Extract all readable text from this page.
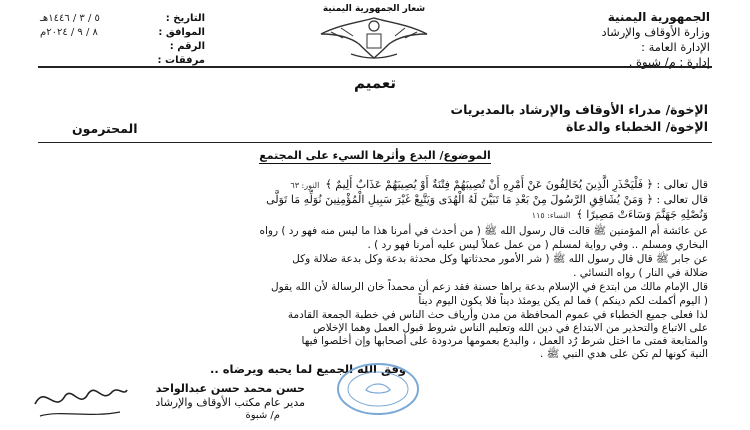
الجمهورية اليمنية
وزارة الأوقاف والإرشاد
الإدارة العامة :
إدارة : م/ شبوة .
شعار الجمهورية اليمنية
التاريخ :
٥ / ٣ / ١٤٤٦هـ
الموافق :
٨ / ٩ / ٢٠٢٤م
الرقم :
مرفقات :
تعميم
الإخوة/ مدراء الأوقاف والإرشاد بالمديريات
الإخوة/ الخطباء والدعاة
المحترمون
الموضوع/ البدع وأثرها السيء على المجتمع
قال تعالى : ﴿ فَلْيَحْذَرِ الَّذِينَ يُخَالِفُونَ عَنْ أَمْرِهِ أَنْ تُصِيبَهُمْ فِتْنَةٌ أَوْ يُصِيبَهُمْ عَذَابٌ أَلِيمٌ ﴾النور: ٦٣
قال تعالى : ﴿ وَمَنْ يُشَاقِقِ الرَّسُولَ مِنْ بَعْدِ مَا تَبَيَّنَ لَهُ الْهُدَى وَيَتَّبِعْ غَيْرَ سَبِيلِ الْمُؤْمِنِينَ نُوَلِّهِ مَا تَوَلَّى
وَنُصْلِهِ جَهَنَّمَ وَسَاءَتْ مَصِيرًا ﴾النساء: ١١٥
عن عائشة أم المؤمنين ﷺ قالت قال رسول الله ﷺ ( من أحدث في أمرنا هذا ما ليس منه فهو رد ) رواه
البخاري ومسلم .. وفي رواية لمسلم ( من عمل عملاً ليس عليه أمرنا فهو رد ) .
عن جابر ﷺ قال قال رسول الله ﷺ ( شر الأمور محدثاتها وكل محدثة بدعة وكل بدعة ضلالة وكل
ضلالة في النار ) رواه النسائي .
قال الإمام مالك من ابتدع في الإسلام بدعة يراها حسنة فقد زعم أن محمداً خان الرسالة لأن الله يقول
( اليوم أكملت لكم دينكم ) فما لم يكن يومئذ ديناً فلا يكون اليوم ديناً
لذا فعلى جميع الخطباء في عموم المحافظة من مدن وأرياف حث الناس في خطبة الجمعة القادمة
على الاتباع والتحذير من الابتداع في دين الله وتعليم الناس شروط قبول العمل وهما الإخلاص
والمتابعة فمتى ما اختل شرط رُد العمل ، والبدع بعمومها مردودة على أصحابها وإن أخلصوا فيها
النية كونها لم تكن على هدي النبي ﷺ .
وفق الله الجميع لما يحبه ويرضاه ..
حسن محمد حسن عبدالواحد
مدير عام مكتب الأوقاف والإرشاد
م/ شبوة
